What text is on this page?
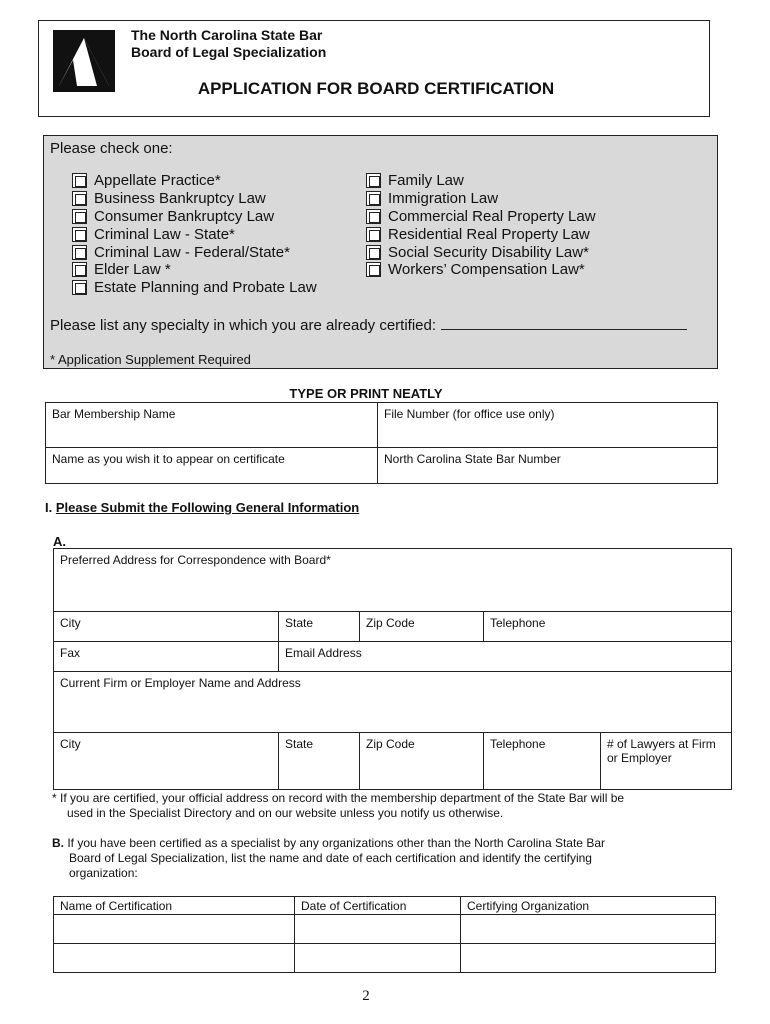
The North Carolina State Bar
Board of Legal Specialization
APPLICATION FOR BOARD CERTIFICATION
Please check one:
Appellate Practice*
Business Bankruptcy Law
Consumer Bankruptcy Law
Criminal Law - State*
Criminal Law - Federal/State*
Elder Law *
Estate Planning and Probate Law
Family Law
Immigration Law
Commercial Real Property Law
Residential Real Property Law
Social Security Disability Law*
Workers’ Compensation Law*
Please list any specialty in which you are already certified:
* Application Supplement Required
TYPE OR PRINT NEATLY
Bar Membership Name	File Number (for office use only)
Name as you wish it to appear on certificate	North Carolina State Bar Number
I. Please Submit the Following General Information
A.
Preferred Address for Correspondence with Board*
City	State	Zip Code	Telephone
Fax	Email Address
Current Firm or Employer Name and Address
City	State	Zip Code	Telephone	# of Lawyers at Firm
or Employer
* If you are certified, your official address on record with the membership department of the State Bar will be
used in the Specialist Directory and on our website unless you notify us otherwise.
B. If you have been certified as a specialist by any organizations other than the North Carolina State Bar
Board of Legal Specialization, list the name and date of each certification and identify the certifying
organization:
Name of Certification	Date of Certification	Certifying Organization
2
